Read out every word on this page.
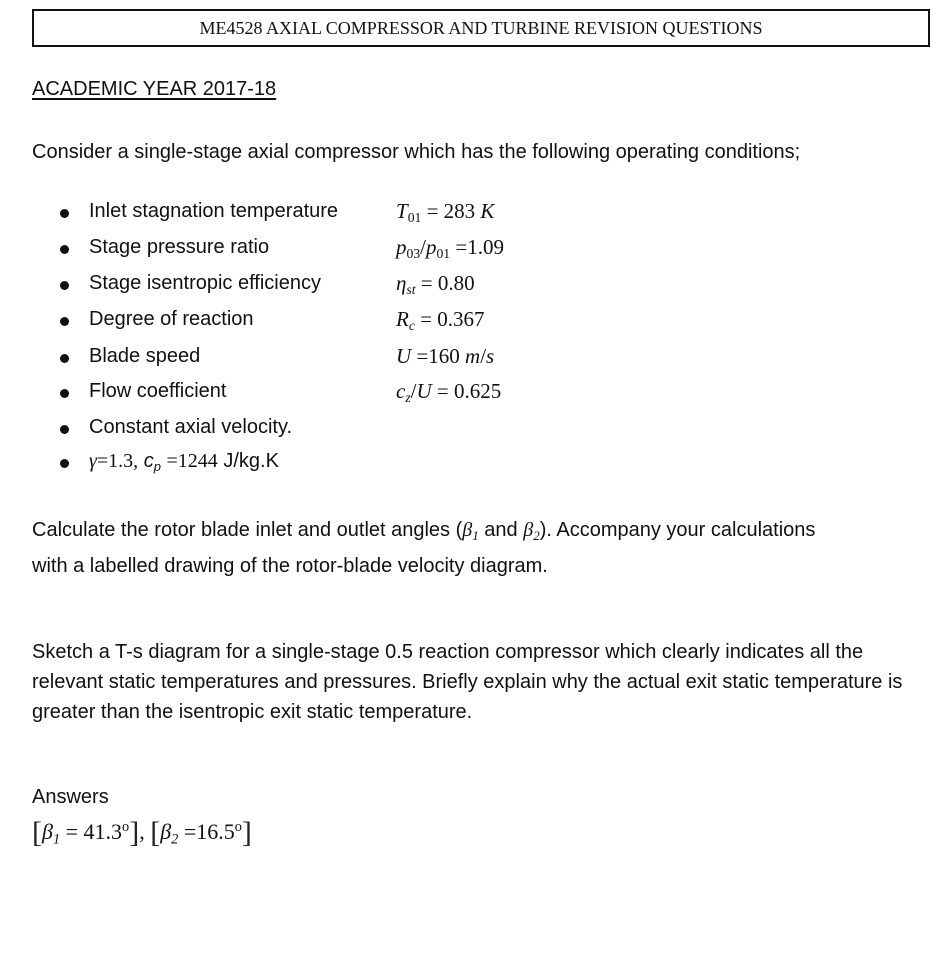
ME4528 AXIAL COMPRESSOR AND TURBINE REVISION QUESTIONS
ACADEMIC YEAR 2017-18
Consider a single-stage axial compressor which has the following operating conditions;
Inlet stagnation temperature	$T_{01} = 283$ K
Stage pressure ratio	$p_{03}/p_{01} =1.09$
Stage isentropic efficiency	$\eta_{st} = 0.80$
Degree of reaction	$R_c = 0.367$
Blade speed	U =160 m/s
Flow coefficient	$c_z/U = 0.625$
Constant axial velocity.
γ=1.3, $c_p =1244$ J/kg.K
Calculate the rotor blade inlet and outlet angles ($\beta_1$ and $\beta_2$). Accompany your calculations
with a labelled drawing of the rotor-blade velocity diagram.
Sketch a T-s diagram for a single-stage 0.5 reaction compressor which clearly indicates all the relevant static temperatures and pressures. Briefly explain why the actual exit static temperature is greater than the isentropic exit static temperature.
Answers
$[\beta_1 = 41.3^o]$, $[\beta_2 =16.5^o]$
